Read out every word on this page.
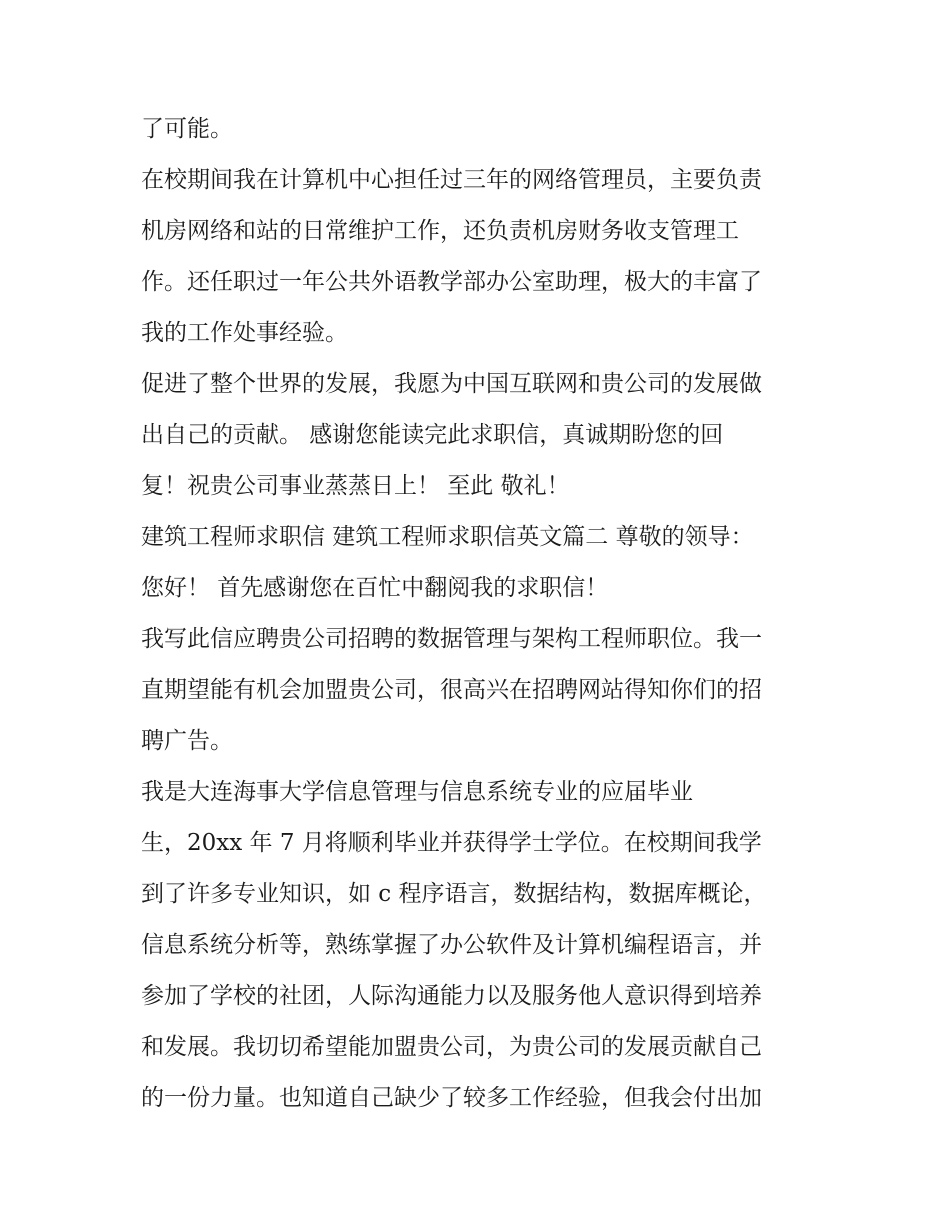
了可能。
在校期间我在计算机中心担任过三年的网络管理员，主要负责
机房网络和站的日常维护工作，还负责机房财务收支管理工
作。还任职过一年公共外语教学部办公室助理，极大的丰富了
我的工作处事经验。
促进了整个世界的发展，我愿为中国互联网和贵公司的发展做
出自己的贡献。 感谢您能读完此求职信，真诚期盼您的回
复！祝贵公司事业蒸蒸日上！ 至此 敬礼！
建筑工程师求职信 建筑工程师求职信英文篇二 尊敬的领导：
您好！ 首先感谢您在百忙中翻阅我的求职信！
我写此信应聘贵公司招聘的数据管理与架构工程师职位。我一
直期望能有机会加盟贵公司，很高兴在招聘网站得知你们的招
聘广告。
我是大连海事大学信息管理与信息系统专业的应届毕业
生，20xx 年 7 月将顺利毕业并获得学士学位。在校期间我学
到了许多专业知识，如 c 程序语言，数据结构，数据库概论，
信息系统分析等，熟练掌握了办公软件及计算机编程语言，并
参加了学校的社团，人际沟通能力以及服务他人意识得到培养
和发展。我切切希望能加盟贵公司，为贵公司的发展贡献自己
的一份力量。也知道自己缺少了较多工作经验，但我会付出加
